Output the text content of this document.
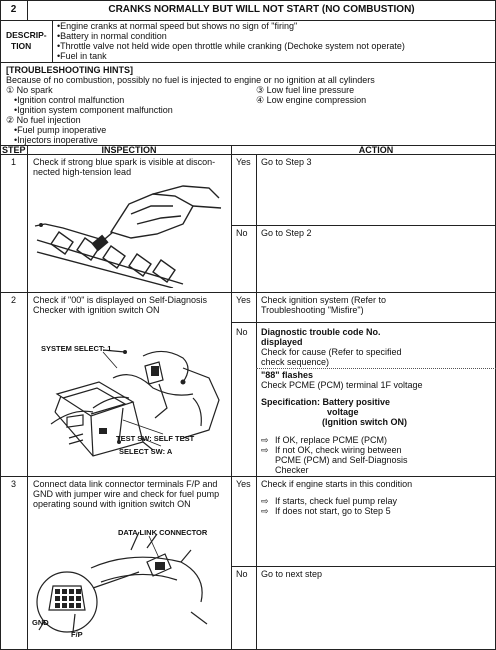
2	CRANKS NORMALLY BUT WILL NOT START (NO COMBUSTION)
DESCRIP-
TION
•Engine cranks at normal speed but shows no sign of "firing"
•Battery in normal condition
•Throttle valve not held wide open throttle while cranking (Dechoke system not operate)
•Fuel in tank
[TROUBLESHOOTING HINTS]
Because of no combustion, possibly no fuel is injected to engine or no ignition at all cylinders
① No spark
•Ignition control malfunction
•Ignition system component malfunction
② No fuel injection
•Fuel pump inoperative
•Injectors inoperative
③ Low fuel line pressure
④ Low engine compression
STEP	INSPECTION	ACTION
1	Check if strong blue spark is visible at discon-
nected high-tension lead
Yes Go to Step 3
No Go to Step 2
2	Check if "00" is displayed on Self-Diagnosis
Checker with ignition switch ON
Yes Check ignition system (Refer to
Troubleshooting "Misfire")
No Diagnostic trouble code No.
displayed
Check for cause (Refer to specified
check sequence)
"88" flashes
Check PCME (PCM) terminal 1F voltage
Specification: Battery positive
voltage
(Ignition switch ON)
⇨ If OK, replace PCME (PCM)
⇨ If not OK, check wiring between
PCME (PCM) and Self-Diagnosis
Checker
SYSTEM SELECT: 1
TEST SW: SELF TEST
SELECT SW: A
3	Connect data link connector terminals F/P and
GND with jumper wire and check for fuel pump
operating sound with ignition switch ON
Yes Check if engine starts in this condition
⇨ If starts, check fuel pump relay
⇨ If does not start, go to Step 5
No Go to next step
DATA LINK CONNECTOR
GND
F/P
